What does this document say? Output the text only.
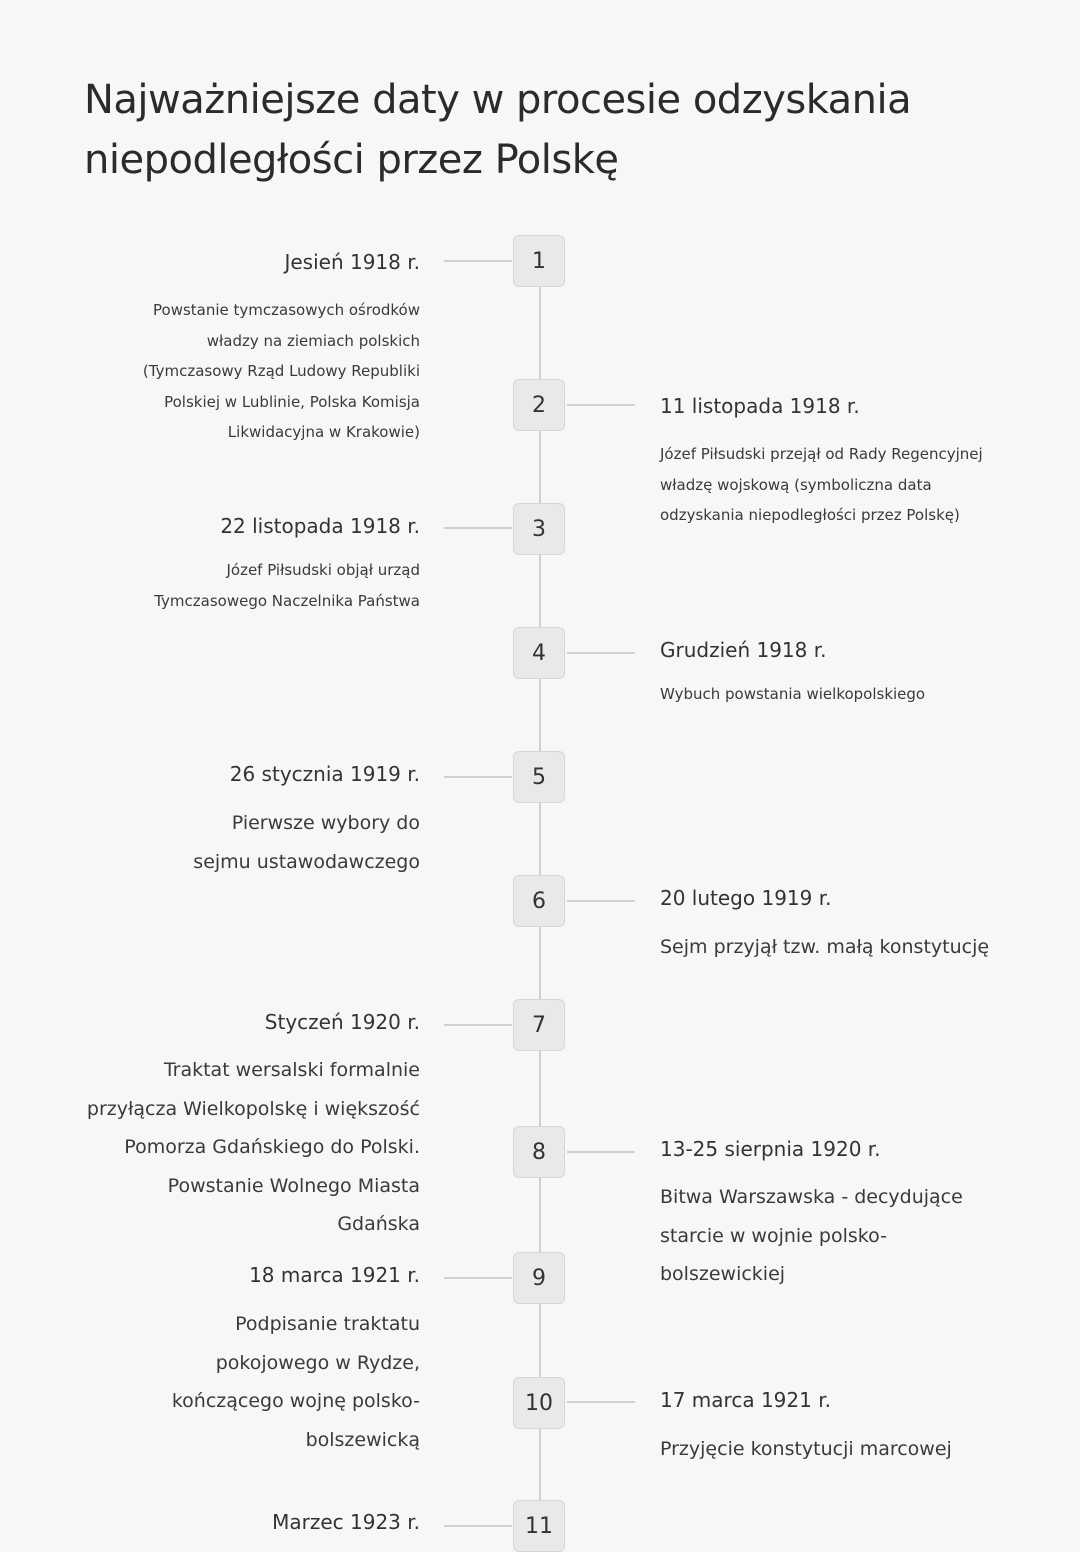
Najważniejsze daty w procesie odzyskania niepodległości przez Polskę
1
Jesień 1918 r.
Powstanie tymczasowych ośrodków władzy na ziemiach polskich (Tymczasowy Rząd Ludowy Republiki Polskiej w Lublinie, Polska Komisja Likwidacyjna w Krakowie)
2	11 listopada 1918 r.
Józef Piłsudski przejął od Rady Regencyjnej władzę wojskową (symboliczna data odzyskania niepodległości przez Polskę)
3
22 listopada 1918 r.
Józef Piłsudski objął urząd Tymczasowego Naczelnika Państwa
4	Grudzień 1918 r.
Wybuch powstania wielkopolskiego
5
26 stycznia 1919 r.
Pierwsze wybory do sejmu ustawodawczego
6	20 lutego 1919 r.
Sejm przyjął tzw. małą konstytucję
7
Styczeń 1920 r.
Traktat wersalski formalnie przyłącza Wielkopolskę i większość Pomorza Gdańskiego do Polski. Powstanie Wolnego Miasta Gdańska
8	13-25 sierpnia 1920 r.
Bitwa Warszawska - decydujące starcie w wojnie polsko-bolszewickiej
9
18 marca 1921 r.
Podpisanie traktatu pokojowego w Rydze, kończącego wojnę polsko-bolszewicką
10	17 marca 1921 r.
Przyjęcie konstytucji marcowej
11
Marzec 1923 r.
